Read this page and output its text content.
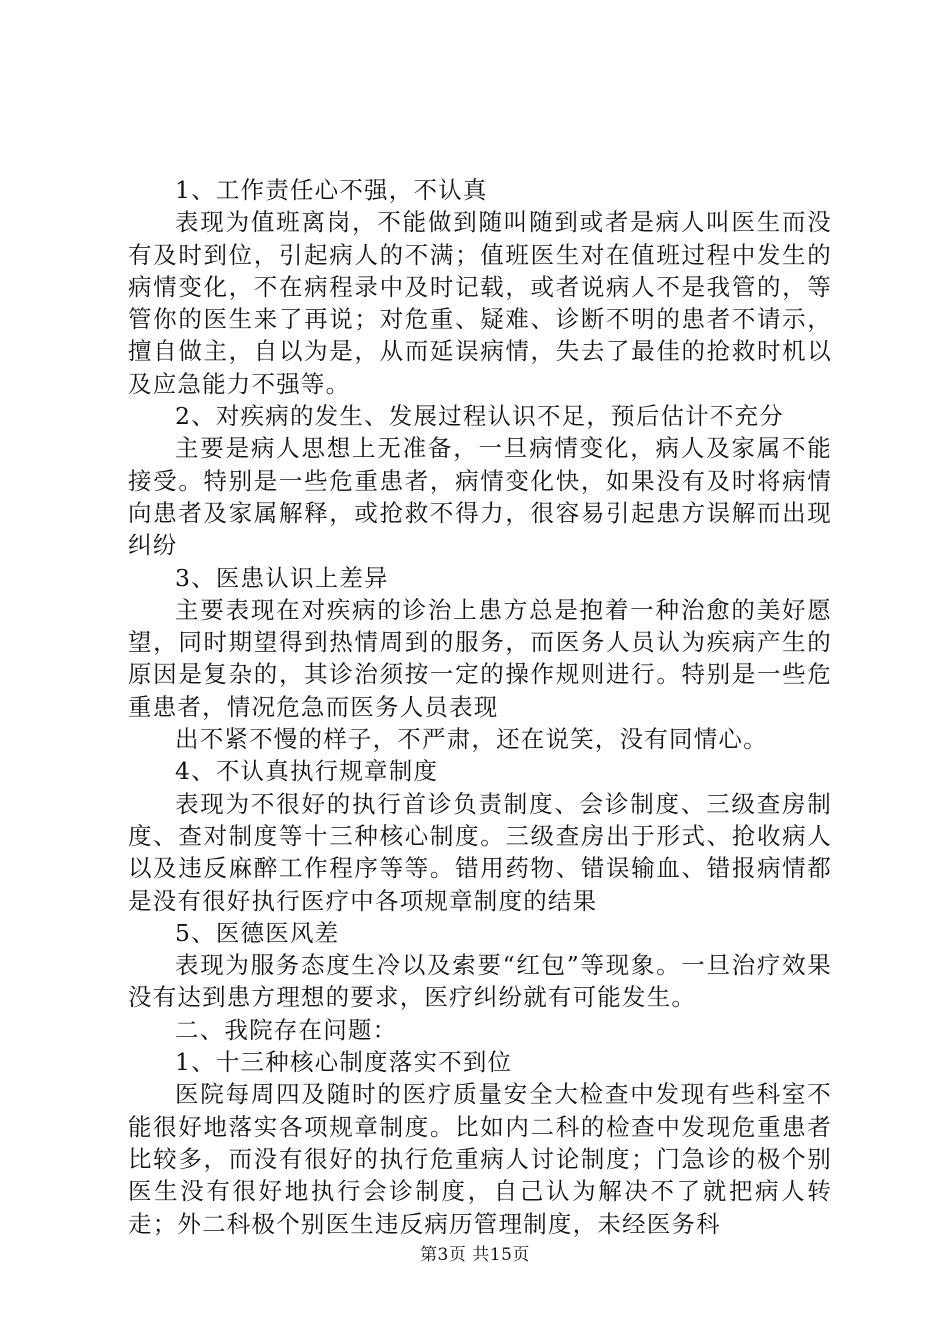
1、工作责任心不强，不认真

表现为值班离岗，不能做到随叫随到或者是病人叫医生而没有及时到位，引起病人的不满；值班医生对在值班过程中发生的病情变化，不在病程录中及时记载，或者说病人不是我管的，等管你的医生来了再说；对危重、疑难、诊断不明的患者不请示，擅自做主，自以为是，从而延误病情，失去了最佳的抢救时机以及应急能力不强等。

2、对疾病的发生、发展过程认识不足，预后估计不充分

主要是病人思想上无准备，一旦病情变化，病人及家属不能接受。特别是一些危重患者，病情变化快，如果没有及时将病情向患者及家属解释，或抢救不得力，很容易引起患方误解而出现纠纷

3、医患认识上差异

主要表现在对疾病的诊治上患方总是抱着一种治愈的美好愿望，同时期望得到热情周到的服务，而医务人员认为疾病产生的原因是复杂的，其诊治须按一定的操作规则进行。特别是一些危重患者，情况危急而医务人员表现

出不紧不慢的样子，不严肃，还在说笑，没有同情心。

4、不认真执行规章制度

表现为不很好的执行首诊负责制度、会诊制度、三级查房制度、查对制度等十三种核心制度。三级查房出于形式、抢收病人以及违反麻醉工作程序等等。错用药物、错误输血、错报病情都是没有很好执行医疗中各项规章制度的结果

5、医德医风差

表现为服务态度生冷以及索要“红包”等现象。一旦治疗效果没有达到患方理想的要求，医疗纠纷就有可能发生。

二、我院存在问题：

1、十三种核心制度落实不到位

医院每周四及随时的医疗质量安全大检查中发现有些科室不能很好地落实各项规章制度。比如内二科的检查中发现危重患者比较多，而没有很好的执行危重病人讨论制度；门急诊的极个别医生没有很好地执行会诊制度，自己认为解决不了就把病人转走；外二科极个别医生违反病历管理制度，未经医务科

第3页 共15页
